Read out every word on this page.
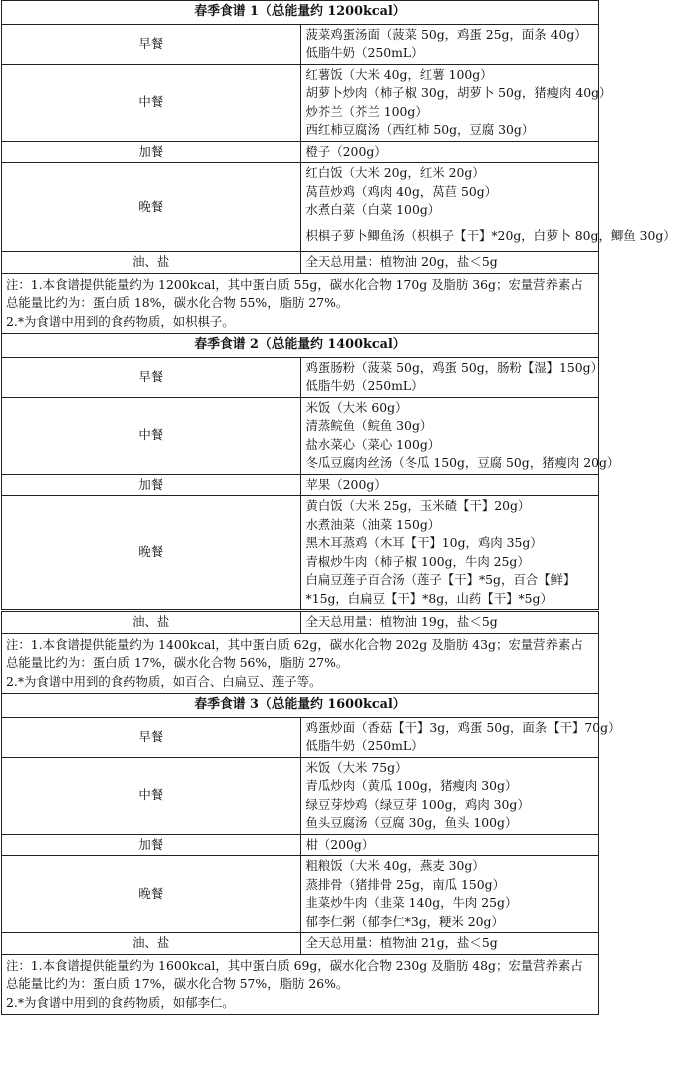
春季食谱 1（总能量约 1200kcal）	
早餐	菠菜鸡蛋汤面（菠菜 50g，鸡蛋 25g，面条 40g）
低脂牛奶（250mL）

中餐	红薯饭（大米 40g，红薯 100g）
胡萝卜炒肉（柿子椒 30g，胡萝卜 50g，猪瘦肉 40g）
炒芥兰（芥兰 100g）
西红柿豆腐汤（西红柿 50g，豆腐 30g）

加餐	橙子（200g）

晚餐	红白饭（大米 20g，红米 20g）
莴苣炒鸡（鸡肉 40g，莴苣 50g）
水煮白菜（白菜 100g）
枳椇子萝卜鲫鱼汤（枳椇子【干】*20g，白萝卜 80g，鲫鱼 30g）

油、盐	全天总用量：植物油 20g，盐＜5g

注：1.本食谱提供能量约为 1200kcal，其中蛋白质 55g，碳水化合物 170g 及脂肪 36g；宏量营养素占总能量比约为：蛋白质 18%，碳水化合物 55%，脂肪 27%。
2.*为食谱中用到的食药物质，如枳椇子。	

春季食谱 2（总能量约 1400kcal）	
早餐	鸡蛋肠粉（菠菜 50g，鸡蛋 50g，肠粉【湿】150g）
低脂牛奶（250mL）

中餐	米饭（大米 60g）
清蒸鲩鱼（鲩鱼 30g）
盐水菜心（菜心 100g）
冬瓜豆腐肉丝汤（冬瓜 150g，豆腐 50g，猪瘦肉 20g）

加餐	苹果（200g）

晚餐	黄白饭（大米 25g，玉米碴【干】20g）
水煮油菜（油菜 150g）
黑木耳蒸鸡（木耳【干】10g，鸡肉 35g）
青椒炒牛肉（柿子椒 100g，牛肉 25g）
白扁豆莲子百合汤（莲子【干】*5g，百合【鲜】*15g，白扁豆【干】*8g，山药【干】*5g）

油、盐	全天总用量：植物油 19g，盐＜5g

注：1.本食谱提供能量约为 1400kcal，其中蛋白质 62g，碳水化合物 202g 及脂肪 43g；宏量营养素占总能量比约为：蛋白质 17%，碳水化合物 56%，脂肪 27%。
2.*为食谱中用到的食药物质，如百合、白扁豆、莲子等。	

春季食谱 3（总能量约 1600kcal）	
早餐	鸡蛋炒面（香菇【干】3g，鸡蛋 50g，面条【干】70g）
低脂牛奶（250mL）

中餐	米饭（大米 75g）
青瓜炒肉（黄瓜 100g，猪瘦肉 30g）
绿豆芽炒鸡（绿豆芽 100g，鸡肉 30g）
鱼头豆腐汤（豆腐 30g，鱼头 100g）

加餐	柑（200g）

晚餐	粗粮饭（大米 40g，燕麦 30g）
蒸排骨（猪排骨 25g，南瓜 150g）
韭菜炒牛肉（韭菜 140g，牛肉 25g）
郁李仁粥（郁李仁*3g，粳米 20g）

油、盐	全天总用量：植物油 21g，盐＜5g

注：1.本食谱提供能量约为 1600kcal，其中蛋白质 69g，碳水化合物 230g 及脂肪 48g；宏量营养素占总能量比约为：蛋白质 17%，碳水化合物 57%，脂肪 26%。
2.*为食谱中用到的食药物质，如郁李仁。	
